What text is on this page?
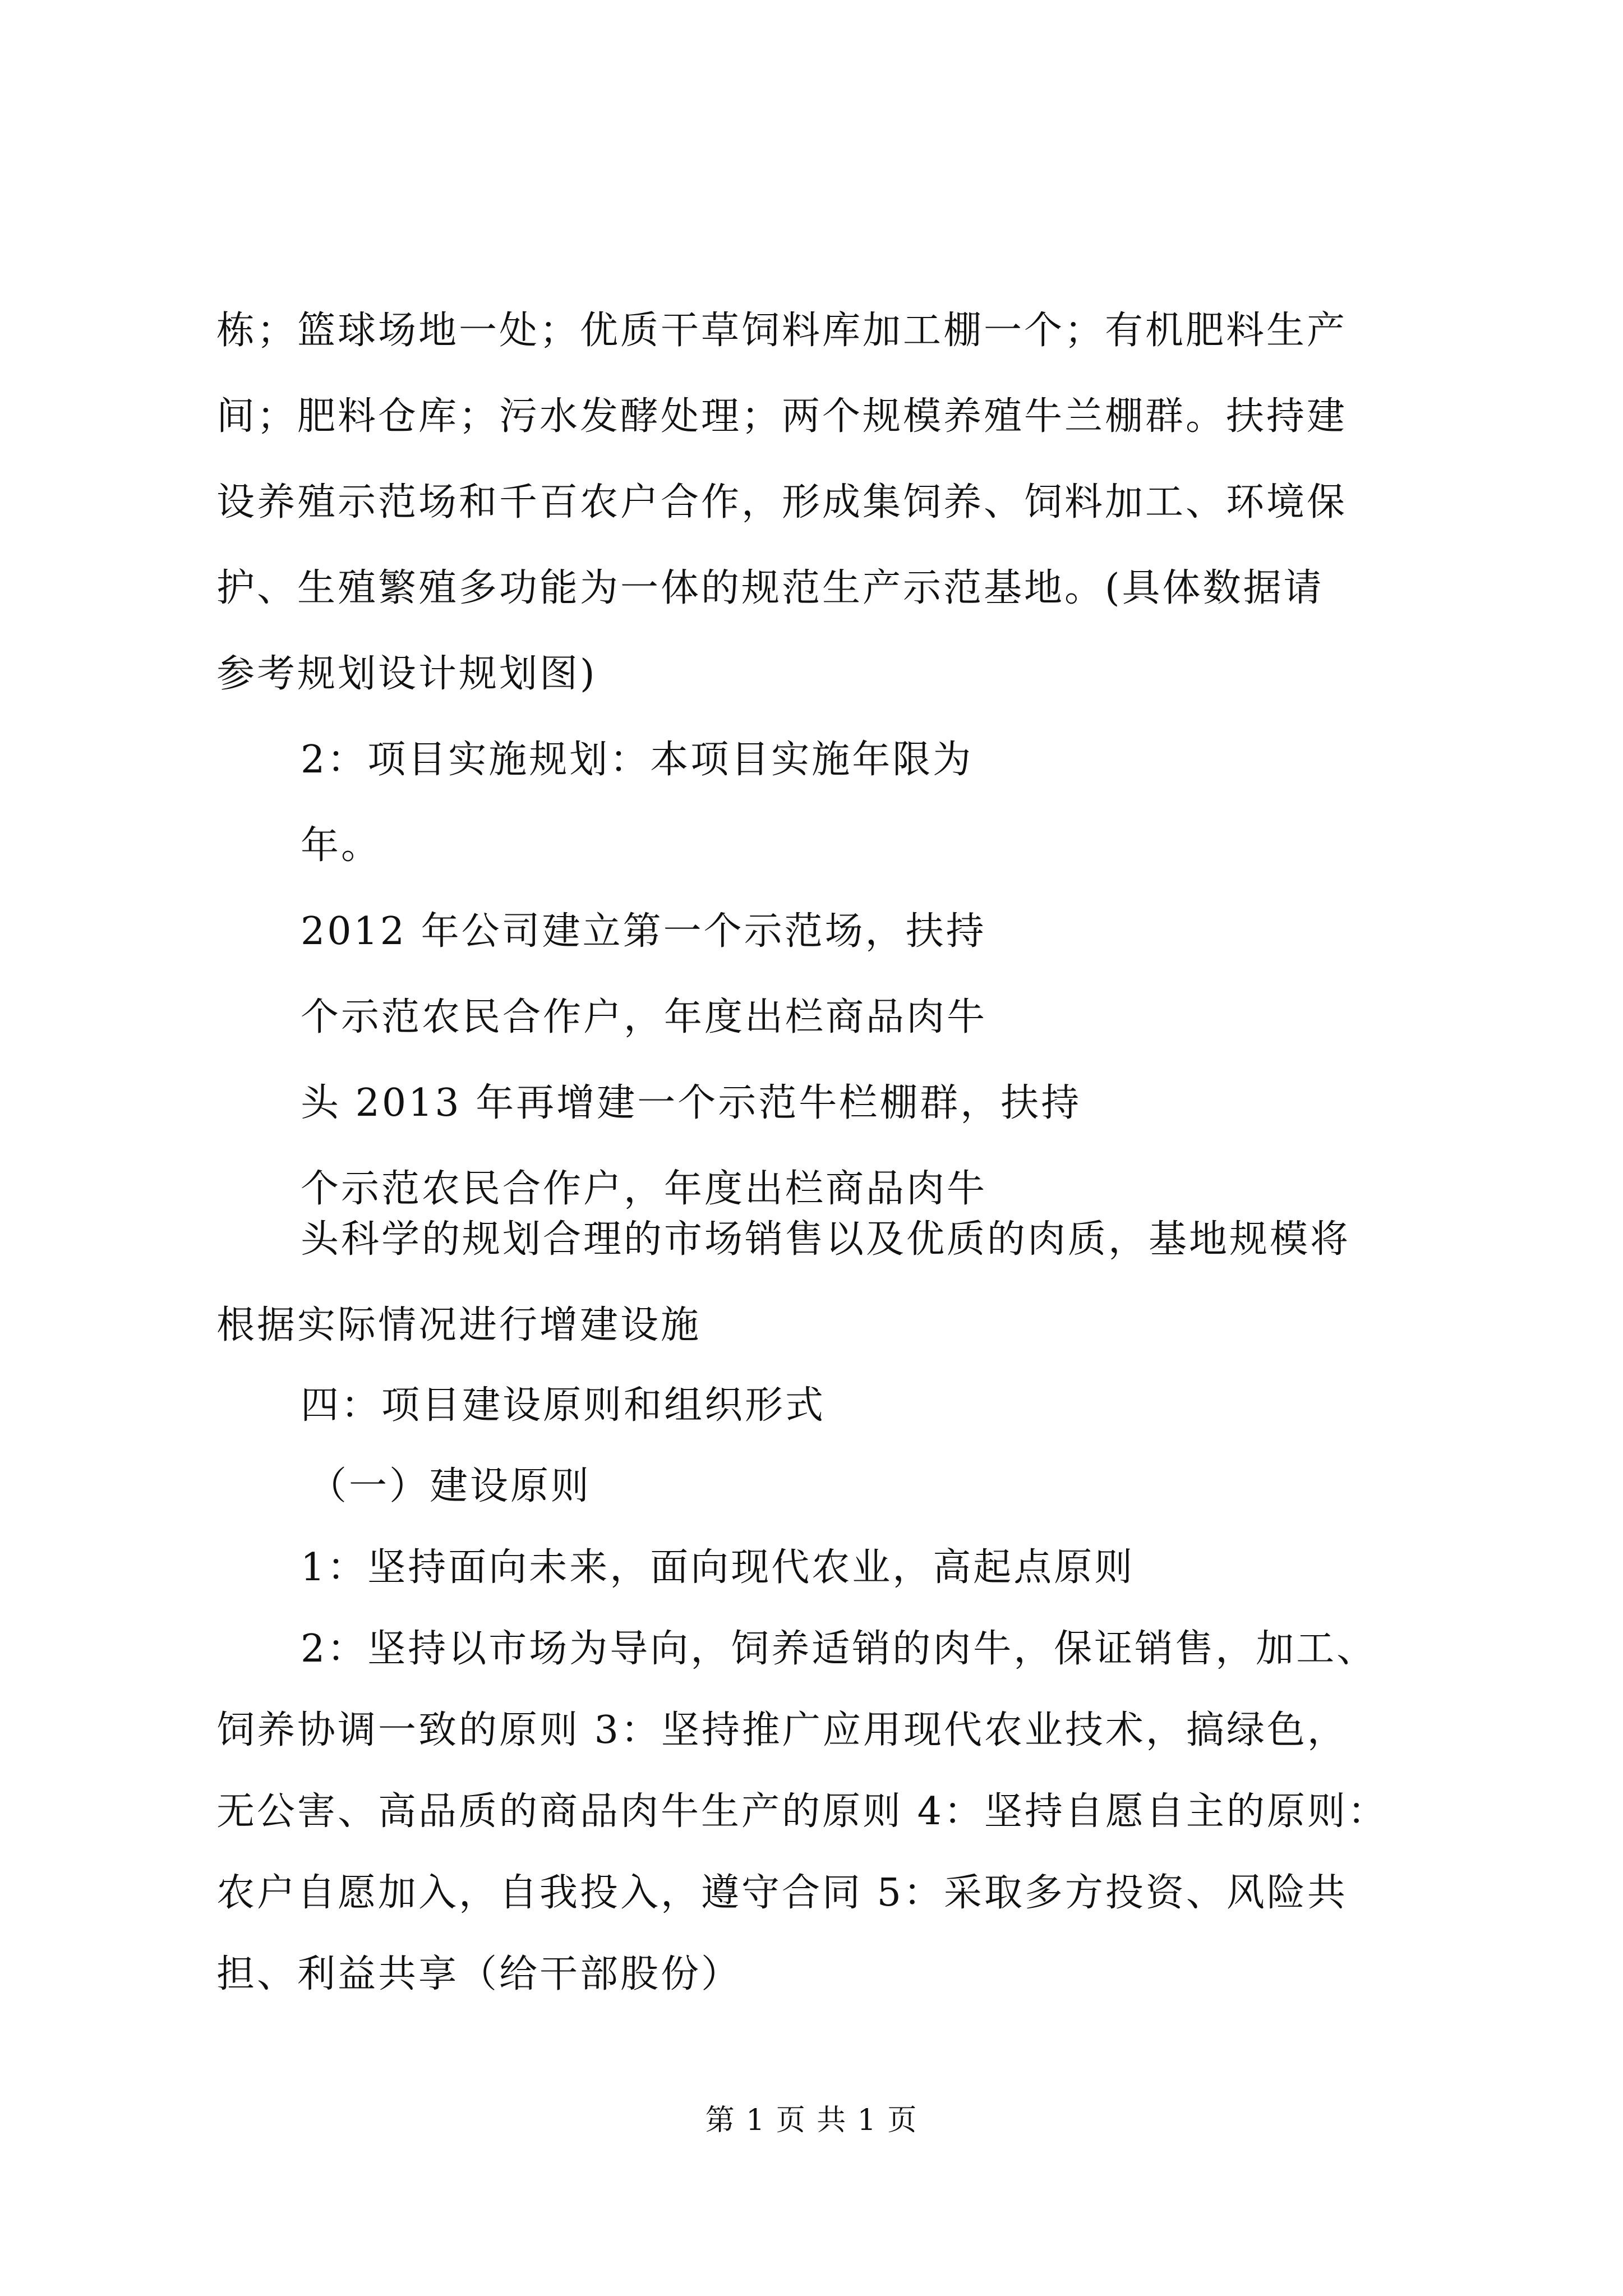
栋；篮球场地一处；优质干草饲料库加工棚一个；有机肥料生产
间；肥料仓库；污水发酵处理；两个规模养殖牛兰棚群。扶持建
设养殖示范场和千百农户合作，形成集饲养、饲料加工、环境保
护、生殖繁殖多功能为一体的规范生产示范基地。(具体数据请
参考规划设计规划图)
2：项目实施规划：本项目实施年限为
年。
2012 年公司建立第一个示范场，扶持
个示范农民合作户，年度出栏商品肉牛
头 2013 年再增建一个示范牛栏棚群，扶持
个示范农民合作户，年度出栏商品肉牛
头科学的规划合理的市场销售以及优质的肉质，基地规模将
根据实际情况进行增建设施
四：项目建设原则和组织形式
（一）建设原则
1：坚持面向未来，面向现代农业，高起点原则
2：坚持以市场为导向，饲养适销的肉牛，保证销售，加工、
饲养协调一致的原则 3：坚持推广应用现代农业技术，搞绿色，
无公害、高品质的商品肉牛生产的原则 4：坚持自愿自主的原则：
农户自愿加入，自我投入，遵守合同 5：采取多方投资、风险共
担、利益共享（给干部股份）
第 1 页 共 1 页
